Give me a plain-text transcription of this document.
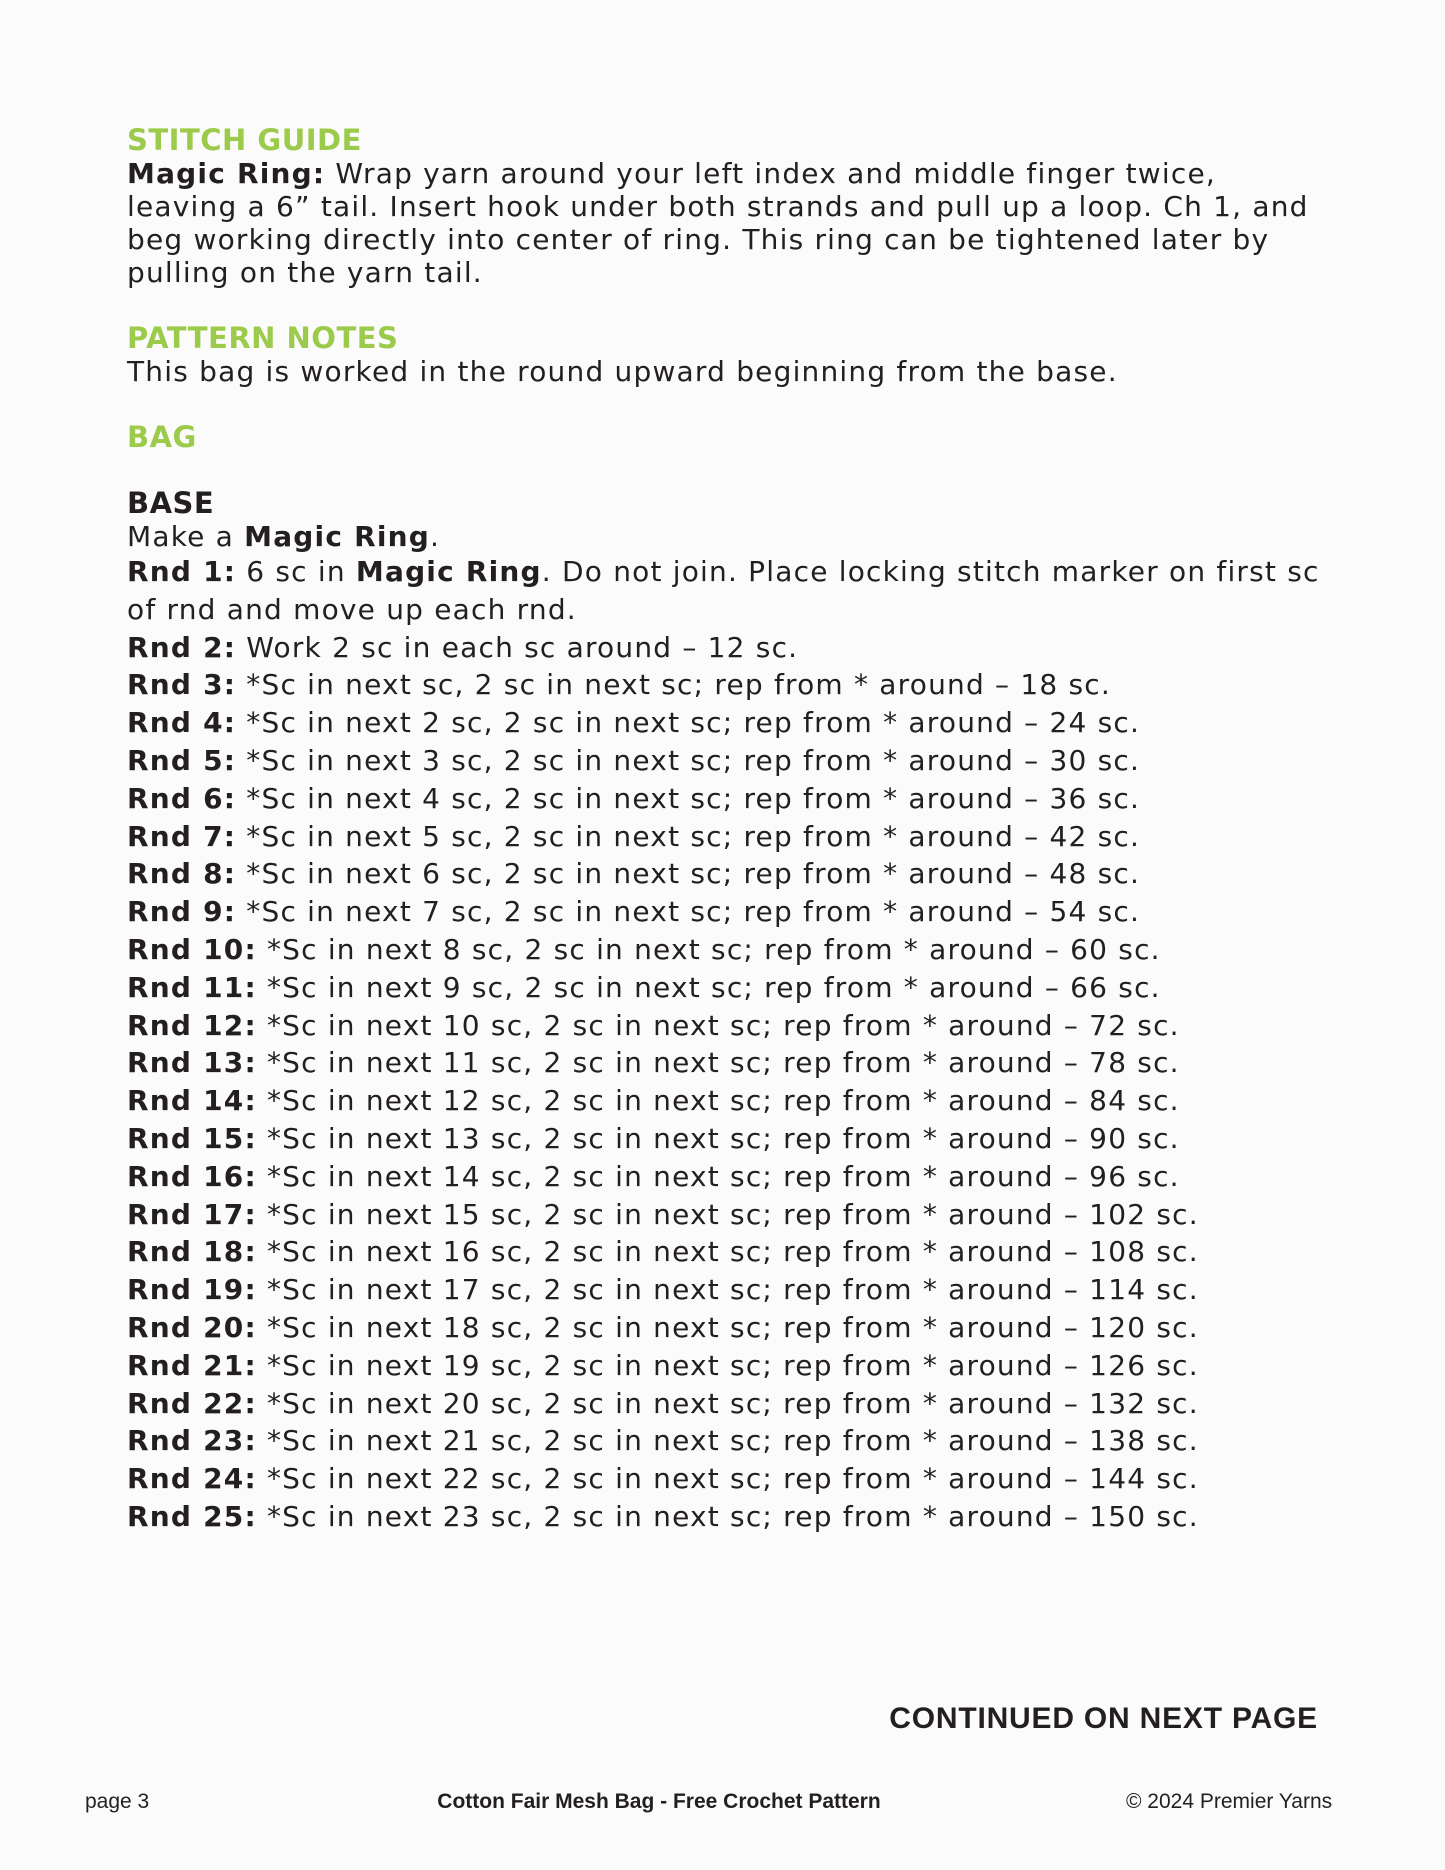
STITCH GUIDE

Magic Ring: Wrap yarn around your left index and middle finger twice, leaving a 6” tail. Insert hook under both strands and pull up a loop. Ch 1, and beg working directly into center of ring. This ring can be tightened later by pulling on the yarn tail.

PATTERN NOTES

This bag is worked in the round upward beginning from the base.

BAG
BASE

Make a Magic Ring.

Rnd 1: 6 sc in Magic Ring. Do not join. Place locking stitch marker on first sc of rnd and move up each rnd.

Rnd 2: Work 2 sc in each sc around – 12 sc.

Rnd 3: *Sc in next sc, 2 sc in next sc; rep from * around – 18 sc.

Rnd 4: *Sc in next 2 sc, 2 sc in next sc; rep from * around – 24 sc.

Rnd 5: *Sc in next 3 sc, 2 sc in next sc; rep from * around – 30 sc.

Rnd 6: *Sc in next 4 sc, 2 sc in next sc; rep from * around – 36 sc.

Rnd 7: *Sc in next 5 sc, 2 sc in next sc; rep from * around – 42 sc.

Rnd 8: *Sc in next 6 sc, 2 sc in next sc; rep from * around – 48 sc.

Rnd 9: *Sc in next 7 sc, 2 sc in next sc; rep from * around – 54 sc.

Rnd 10: *Sc in next 8 sc, 2 sc in next sc; rep from * around – 60 sc.

Rnd 11: *Sc in next 9 sc, 2 sc in next sc; rep from * around – 66 sc.

Rnd 12: *Sc in next 10 sc, 2 sc in next sc; rep from * around – 72 sc.

Rnd 13: *Sc in next 11 sc, 2 sc in next sc; rep from * around – 78 sc.

Rnd 14: *Sc in next 12 sc, 2 sc in next sc; rep from * around – 84 sc.

Rnd 15: *Sc in next 13 sc, 2 sc in next sc; rep from * around – 90 sc.

Rnd 16: *Sc in next 14 sc, 2 sc in next sc; rep from * around – 96 sc.

Rnd 17: *Sc in next 15 sc, 2 sc in next sc; rep from * around – 102 sc.

Rnd 18: *Sc in next 16 sc, 2 sc in next sc; rep from * around – 108 sc.

Rnd 19: *Sc in next 17 sc, 2 sc in next sc; rep from * around – 114 sc.

Rnd 20: *Sc in next 18 sc, 2 sc in next sc; rep from * around – 120 sc.

Rnd 21: *Sc in next 19 sc, 2 sc in next sc; rep from * around – 126 sc.

Rnd 22: *Sc in next 20 sc, 2 sc in next sc; rep from * around – 132 sc.

Rnd 23: *Sc in next 21 sc, 2 sc in next sc; rep from * around – 138 sc.

Rnd 24: *Sc in next 22 sc, 2 sc in next sc; rep from * around – 144 sc.

Rnd 25: *Sc in next 23 sc, 2 sc in next sc; rep from * around – 150 sc.

CONTINUED ON NEXT PAGE

page 3	Cotton Fair Mesh Bag - Free Crochet Pattern	© 2024 Premier Yarns
